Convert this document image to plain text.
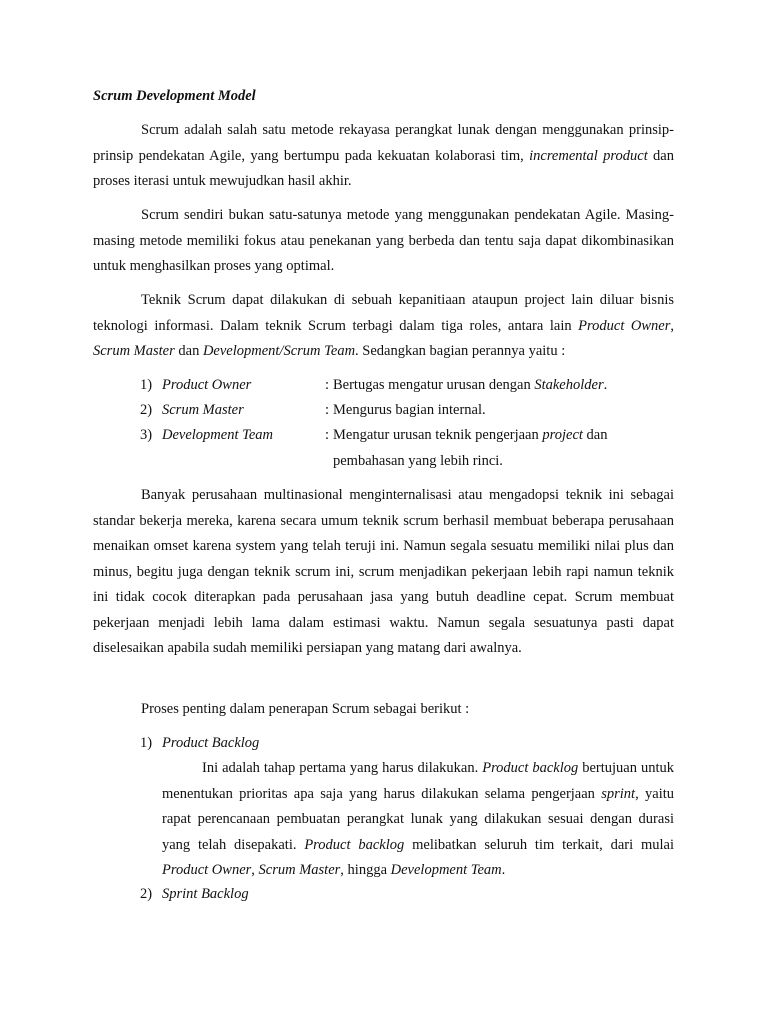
Scrum Development Model

Scrum adalah salah satu metode rekayasa perangkat lunak dengan menggunakan prinsip-prinsip pendekatan Agile, yang bertumpu pada kekuatan kolaborasi tim, incremental product dan proses iterasi untuk mewujudkan hasil akhir.

Scrum sendiri bukan satu-satunya metode yang menggunakan pendekatan Agile. Masing-masing metode memiliki fokus atau penekanan yang berbeda dan tentu saja dapat dikombinasikan untuk menghasilkan proses yang optimal.

Teknik Scrum dapat dilakukan di sebuah kepanitiaan ataupun project lain diluar bisnis teknologi informasi. Dalam teknik Scrum terbagi dalam tiga roles, antara lain Product Owner, Scrum Master dan Development/Scrum Team. Sedangkan bagian perannya yaitu :

1) Product Owner	: Bertugas mengatur urusan dengan Stakeholder.
2) Scrum Master	: Mengurus bagian internal.
3) Development Team	: Mengatur urusan teknik pengerjaan project dan
pembahasan yang lebih rinci.

Banyak perusahaan multinasional menginternalisasi atau mengadopsi teknik ini sebagai standar bekerja mereka, karena secara umum teknik scrum berhasil membuat beberapa perusahaan menaikan omset karena system yang telah teruji ini. Namun segala sesuatu memiliki nilai plus dan minus, begitu juga dengan teknik scrum ini, scrum menjadikan pekerjaan lebih rapi namun teknik ini tidak cocok diterapkan pada perusahaan jasa yang butuh deadline cepat. Scrum membuat pekerjaan menjadi lebih lama dalam estimasi waktu. Namun segala sesuatunya pasti dapat diselesaikan apabila sudah memiliki persiapan yang matang dari awalnya.

Proses penting dalam penerapan Scrum sebagai berikut :
1) Product Backlog

Ini adalah tahap pertama yang harus dilakukan. Product backlog bertujuan untuk menentukan prioritas apa saja yang harus dilakukan selama pengerjaan sprint, yaitu rapat perencanaan pembuatan perangkat lunak yang dilakukan sesuai dengan durasi yang telah disepakati. Product backlog melibatkan seluruh tim terkait, dari mulai Product Owner, Scrum Master, hingga Development Team.

2) Sprint Backlog
